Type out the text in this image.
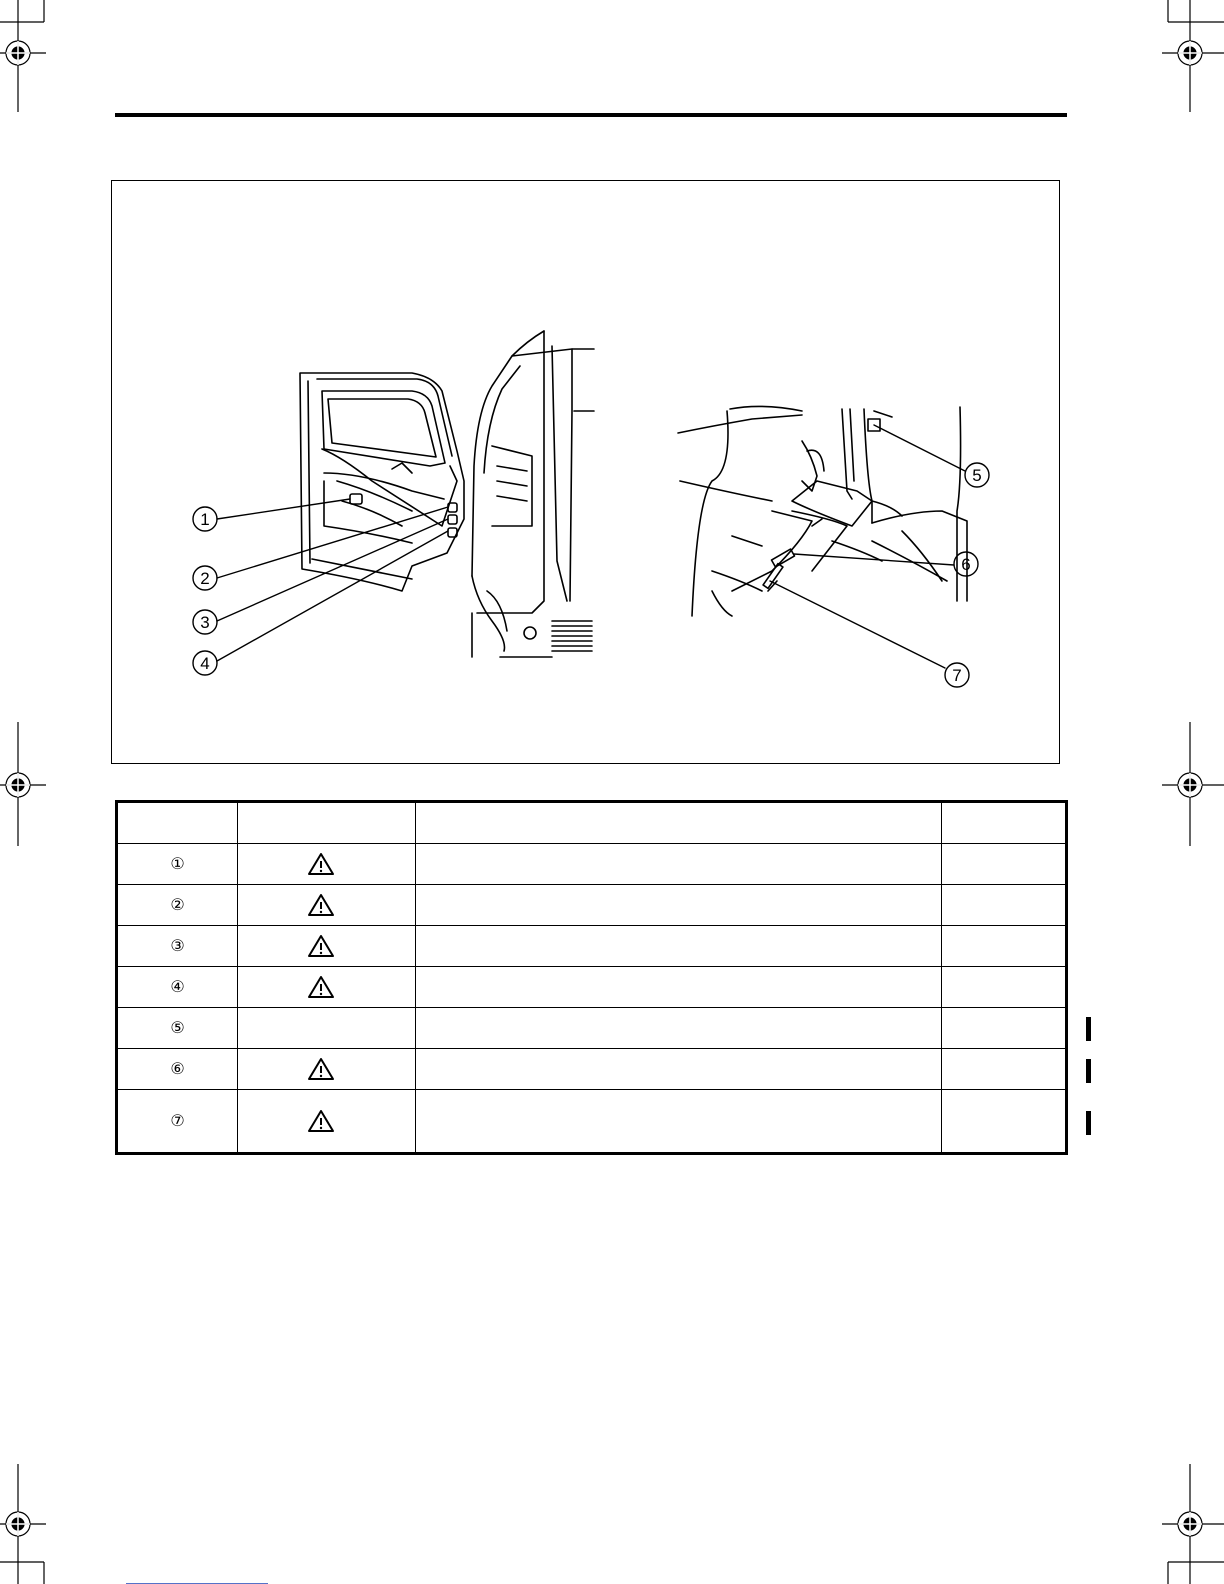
1
2
3
4
5
6
7

①			
②			
③			
④			
⑤			
⑥			
⑦			
